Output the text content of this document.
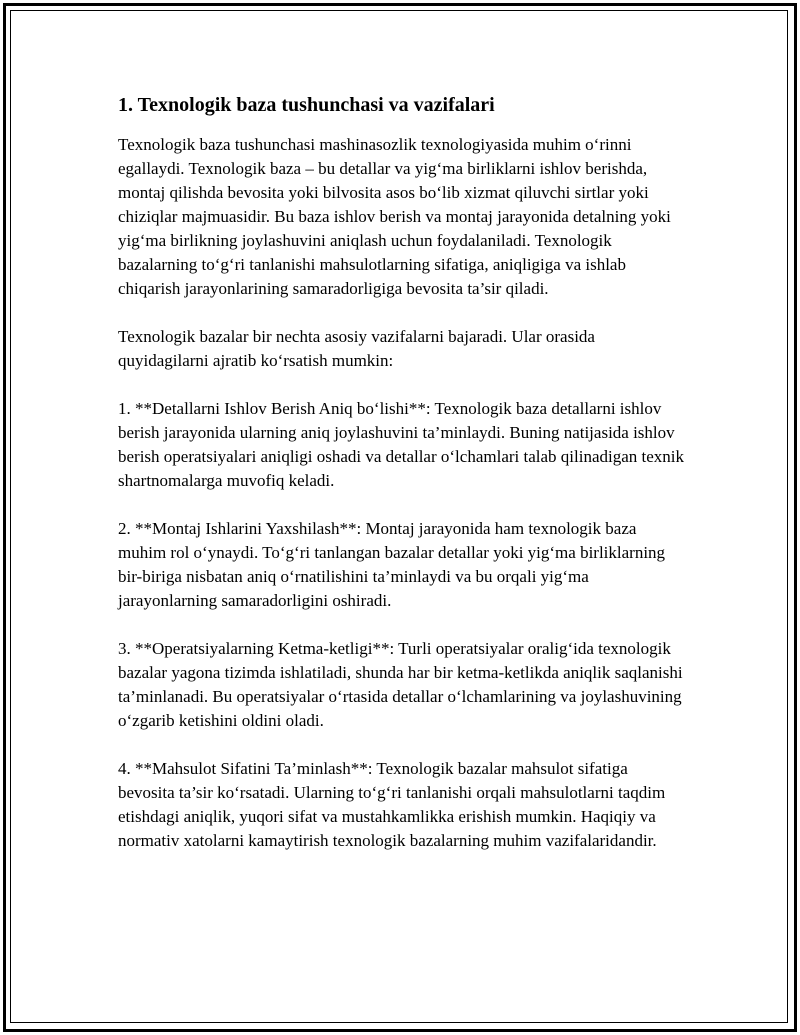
1. Texnologik baza tushunchasi va vazifalari

Texnologik baza tushunchasi mashinasozlik texnologiyasida muhim o‘rinni egallaydi. Texnologik baza – bu detallar va yig‘ma birliklarni ishlov berishda, montaj qilishda bevosita yoki bilvosita asos bo‘lib xizmat qiluvchi sirtlar yoki chiziqlar majmuasidir. Bu baza ishlov berish va montaj jarayonida detalning yoki yig‘ma birlikning joylashuvini aniqlash uchun foydalaniladi. Texnologik bazalarning to‘g‘ri tanlanishi mahsulotlarning sifatiga, aniqligiga va ishlab chiqarish jarayonlarining samaradorligiga bevosita ta’sir qiladi.

Texnologik bazalar bir nechta asosiy vazifalarni bajaradi. Ular orasida quyidagilarni ajratib ko‘rsatish mumkin:

1. **Detallarni Ishlov Berish Aniq bo‘lishi**: Texnologik baza detallarni ishlov berish jarayonida ularning aniq joylashuvini ta’minlaydi. Buning natijasida ishlov berish operatsiyalari aniqligi oshadi va detallar o‘lchamlari talab qilinadigan texnik shartnomalarga muvofiq keladi.

2. **Montaj Ishlarini Yaxshilash**: Montaj jarayonida ham texnologik baza muhim rol o‘ynaydi. To‘g‘ri tanlangan bazalar detallar yoki yig‘ma birliklarning bir-biriga nisbatan aniq o‘rnatilishini ta’minlaydi va bu orqali yig‘ma jarayonlarning samaradorligini oshiradi.

3. **Operatsiyalarning Ketma-ketligi**: Turli operatsiyalar oralig‘ida texnologik bazalar yagona tizimda ishlatiladi, shunda har bir ketma-ketlikda aniqlik saqlanishi ta’minlanadi. Bu operatsiyalar o‘rtasida detallar o‘lchamlarining va joylashuvining o‘zgarib ketishini oldini oladi.

4. **Mahsulot Sifatini Ta’minlash**: Texnologik bazalar mahsulot sifatiga bevosita ta’sir ko‘rsatadi. Ularning to‘g‘ri tanlanishi orqali mahsulotlarni taqdim etishdagi aniqlik, yuqori sifat va mustahkamlikka erishish mumkin. Haqiqiy va normativ xatolarni kamaytirish texnologik bazalarning muhim vazifalaridandir.
